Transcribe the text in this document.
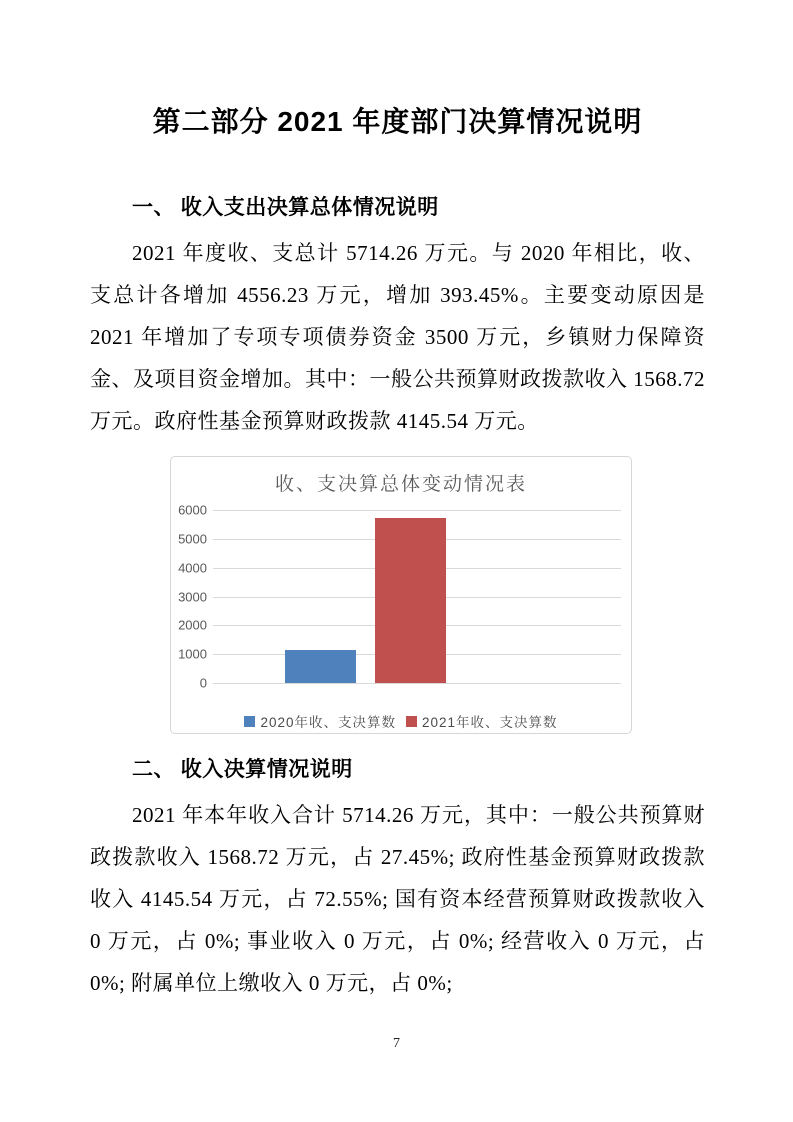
第二部分 2021 年度部门决算情况说明
一、 收入支出决算总体情况说明

2021 年度收、支总计 5714.26 万元。与 2020 年相比，收、支总计各增加 4556.23 万元，增加 393.45%。主要变动原因是 2021 年增加了专项专项债券资金 3500 万元，乡镇财力保障资金、及项目资金增加。其中：一般公共预算财政拨款收入 1568.72 万元。政府性基金预算财政拨款 4145.54 万元。

收、支决算总体变动情况表
0
1000
2000
3000
4000
5000
6000
2020年收、支决算数 2021年收、支决算数
二、 收入决算情况说明

2021 年本年收入合计 5714.26 万元，其中：一般公共预算财政拨款收入 1568.72 万元，占 27.45%; 政府性基金预算财政拨款收入 4145.54 万元，占 72.55%; 国有资本经营预算财政拨款收入 0 万元，占 0%; 事业收入 0 万元，占 0%; 经营收入 0 万元，占 0%; 附属单位上缴收入 0 万元，占 0%;

7
